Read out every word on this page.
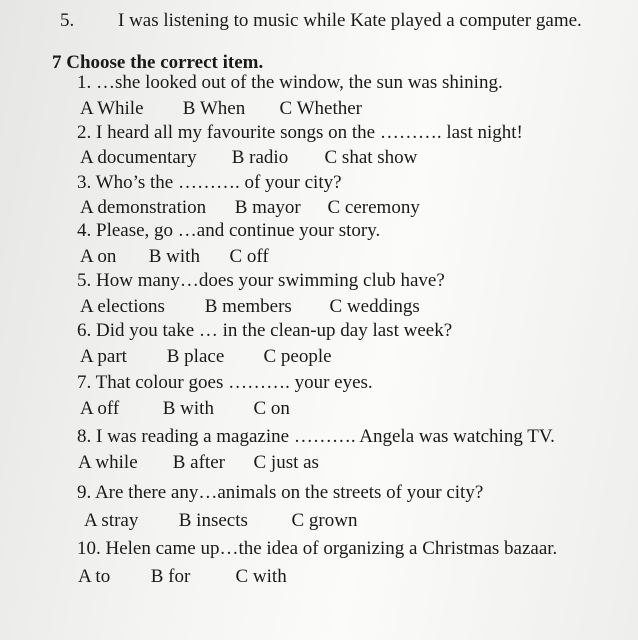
5. I was listening to music while Kate played a computer game.
7 Choose the correct item.
1. …she looked out of the window, the sun was shining.
A While B When C Whether
2. I heard all my favourite songs on the ………. last night!
A documentary B radio C shat show
3. Who’s the ………. of your city?
A demonstration B mayor C ceremony
4. Please, go …and continue your story.
A on B with C off
5. How many…does your swimming club have?
A elections B members C weddings
6. Did you take … in the clean-up day last week?
A part B place C people
7. That colour goes ………. your eyes.
A off B with C on
8. I was reading a magazine ………. Angela was watching TV.
A while B after C just as
9. Are there any…animals on the streets of your city?
A stray B insects C grown
10. Helen came up…the idea of organizing a Christmas bazaar.
A to B for C with
